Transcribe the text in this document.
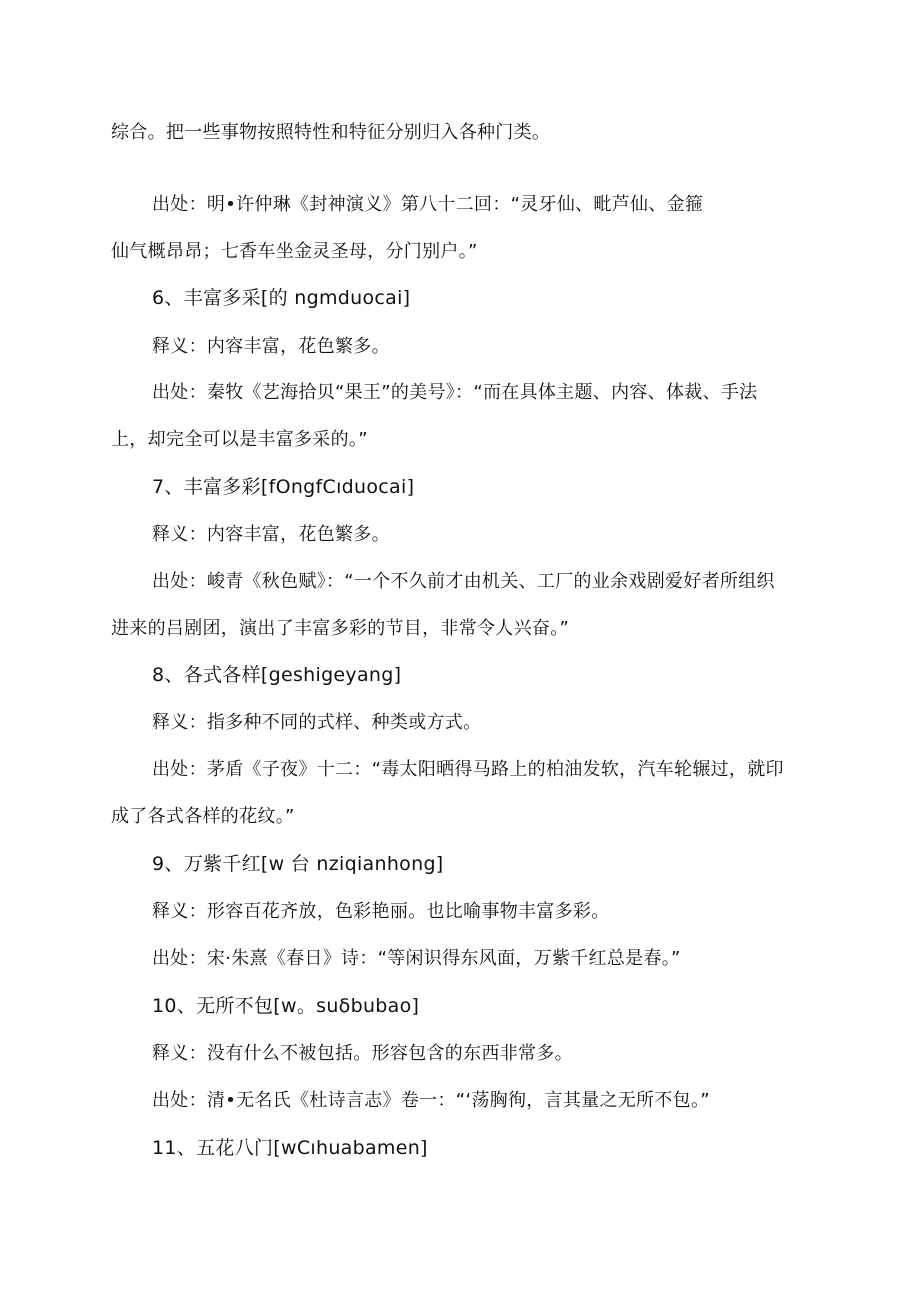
综合。把一些事物按照特性和特征分别归入各种门类。
出处：明•许仲琳《封神演义》第八十二回：“灵牙仙、毗芦仙、金箍
仙气概昂昂；七香车坐金灵圣母，分门别户。”
6、丰富多采[的 ngmduocai]
释义：内容丰富，花色繁多。
出处：秦牧《艺海拾贝“果王”的美号》：“而在具体主题、内容、体裁、手法
上，却完全可以是丰富多采的。”
7、丰富多彩[fOngfCıduocai]
释义：内容丰富，花色繁多。
出处：峻青《秋色赋》：“一个不久前才由机关、工厂的业余戏剧爱好者所组织
进来的吕剧团，演出了丰富多彩的节目，非常令人兴奋。”
8、各式各样[geshigeyang]
释义：指多种不同的式样、种类或方式。
出处：茅盾《子夜》十二：“毒太阳晒得马路上的柏油发软，汽车轮辗过，就印
成了各式各样的花纹。”
9、万紫千红[w 台 nziqianhong]
释义：形容百花齐放，色彩艳丽。也比喻事物丰富多彩。
出处：宋·朱熹《春日》诗：“等闲识得东风面，万紫千红总是春。”
10、无所不包[w。suδbubao]
释义：没有什么不被包括。形容包含的东西非常多。
出处：清•无名氏《杜诗言志》卷一：“‘荡胸徇，言其量之无所不包。”
11、五花八门[wCıhuabamen]
